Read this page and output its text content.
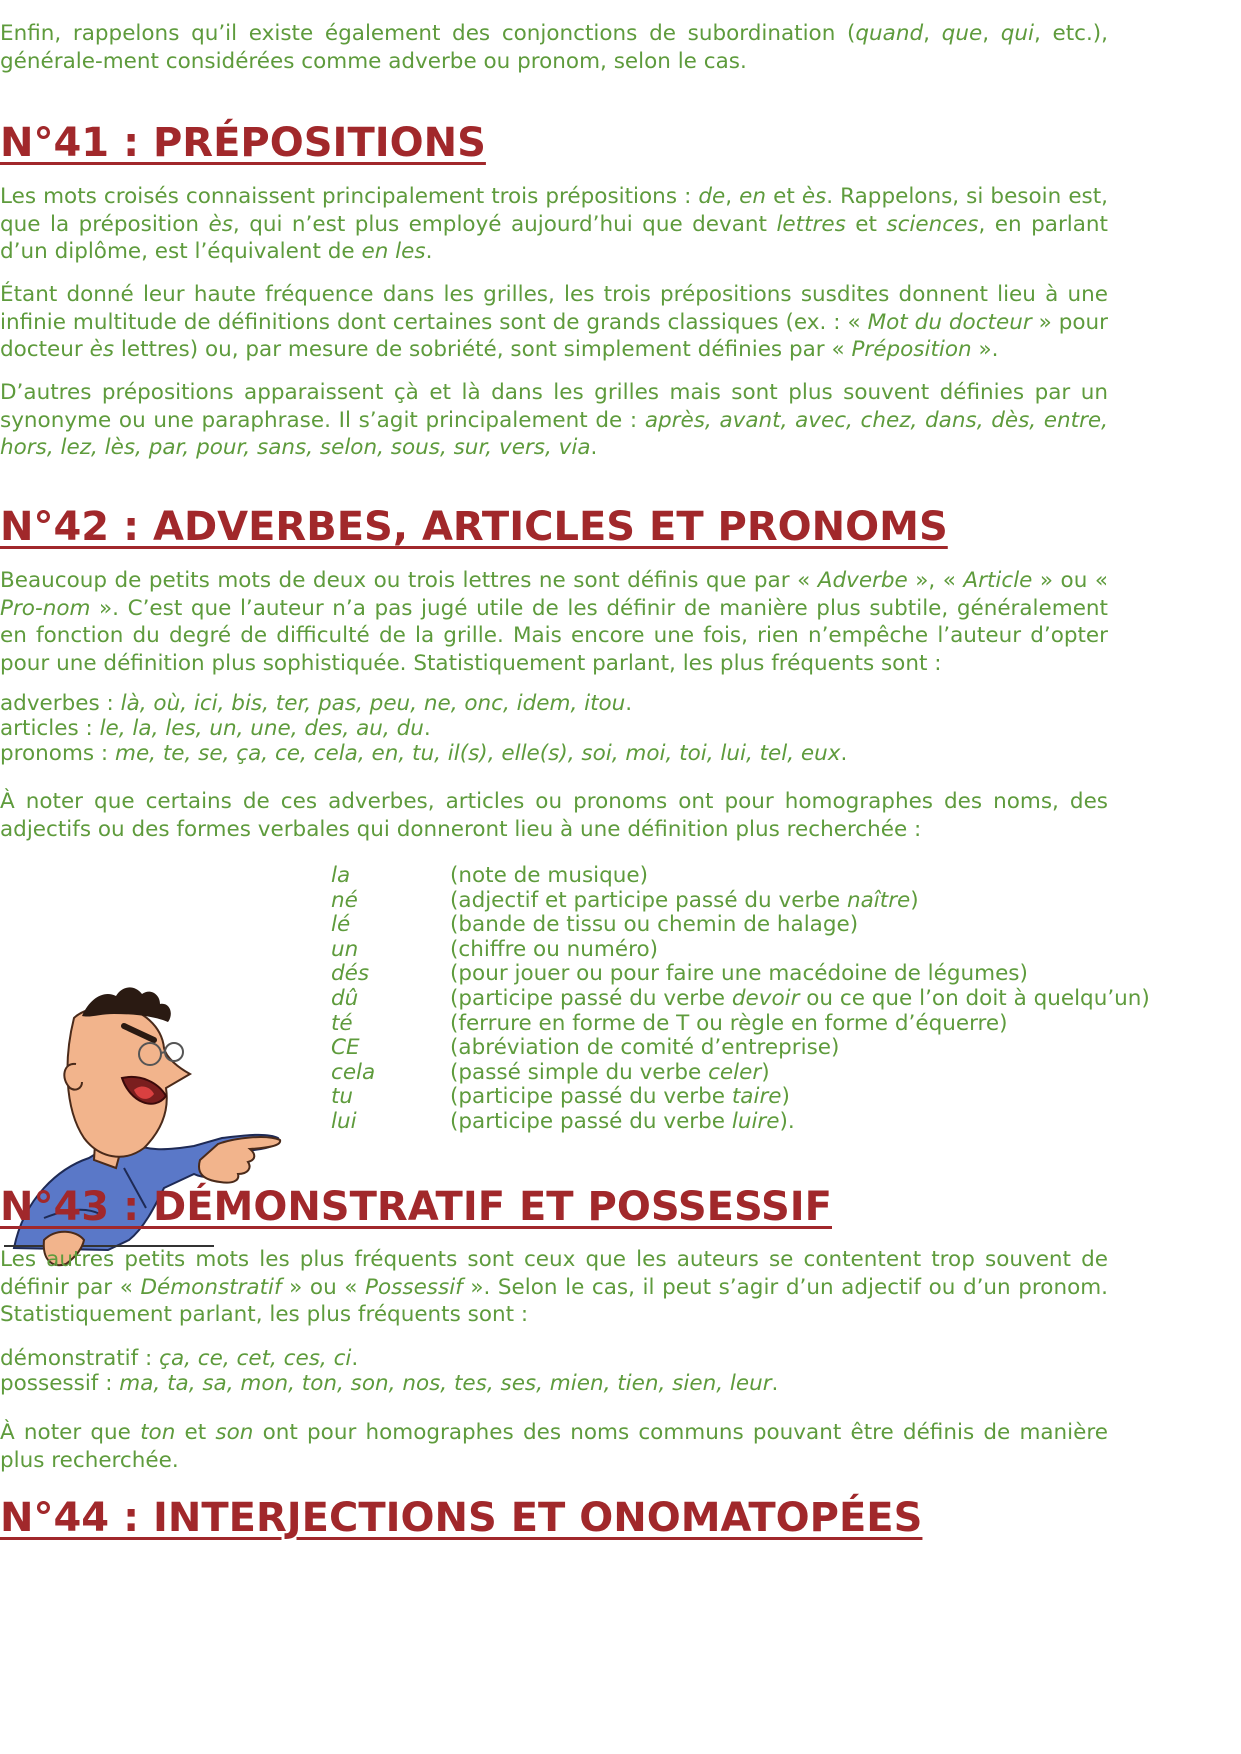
Enfin, rappelons qu’il existe également des conjonctions de subordination (quand, que, qui, etc.), générale-ment considérées comme adverbe ou pronom, selon le cas.

N°41 : PRÉPOSITIONS

Les mots croisés connaissent principalement trois prépositions : de, en et ès. Rappelons, si besoin est, que la préposition ès, qui n’est plus employé aujourd’hui que devant lettres et sciences, en parlant d’un diplôme, est l’équivalent de en les.

Étant donné leur haute fréquence dans les grilles, les trois prépositions susdites donnent lieu à une infinie multitude de définitions dont certaines sont de grands classiques (ex. : « Mot du docteur » pour docteur ès lettres) ou, par mesure de sobriété, sont simplement définies par « Préposition ».

D’autres prépositions apparaissent çà et là dans les grilles mais sont plus souvent définies par un synonyme ou une paraphrase. Il s’agit principalement de : après, avant, avec, chez, dans, dès, entre, hors, lez, lès, par, pour, sans, selon, sous, sur, vers, via.

N°42 : ADVERBES, ARTICLES ET PRONOMS

Beaucoup de petits mots de deux ou trois lettres ne sont définis que par « Adverbe », « Article » ou « Pro-nom ». C’est que l’auteur n’a pas jugé utile de les définir de manière plus subtile, généralement en fonction du degré de difficulté de la grille. Mais encore une fois, rien n’empêche l’auteur d’opter pour une définition plus sophistiquée. Statistiquement parlant, les plus fréquents sont :

adverbes : là, où, ici, bis, ter, pas, peu, ne, onc, idem, itou.

articles : le, la, les, un, une, des, au, du.

pronoms : me, te, se, ça, ce, cela, en, tu, il(s), elle(s), soi, moi, toi, lui, tel, eux.

À noter que certains de ces adverbes, articles ou pronoms ont pour homographes des noms, des adjectifs ou des formes verbales qui donneront lieu à une définition plus recherchée :

la	(note de musique)
né	(adjectif et participe passé du verbe naître)
lé	(bande de tissu ou chemin de halage)
un	(chiffre ou numéro)
dés	(pour jouer ou pour faire une macédoine de légumes)
dû	(participe passé du verbe devoir ou ce que l’on doit à quelqu’un)
té	(ferrure en forme de T ou règle en forme d’équerre)
CE	(abréviation de comité d’entreprise)
cela	(passé simple du verbe celer)
tu	(participe passé du verbe taire)
lui	(participe passé du verbe luire).
N°43 : DÉMONSTRATIF ET POSSESSIF

Les autres petits mots les plus fréquents sont ceux que les auteurs se contentent trop souvent de définir par « Démonstratif » ou « Possessif ». Selon le cas, il peut s’agir d’un adjectif ou d’un pronom. Statistiquement parlant, les plus fréquents sont :

démonstratif : ça, ce, cet, ces, ci.

possessif : ma, ta, sa, mon, ton, son, nos, tes, ses, mien, tien, sien, leur.

À noter que ton et son ont pour homographes des noms communs pouvant être définis de manière plus recherchée.

N°44 : INTERJECTIONS ET ONOMATOPÉES
